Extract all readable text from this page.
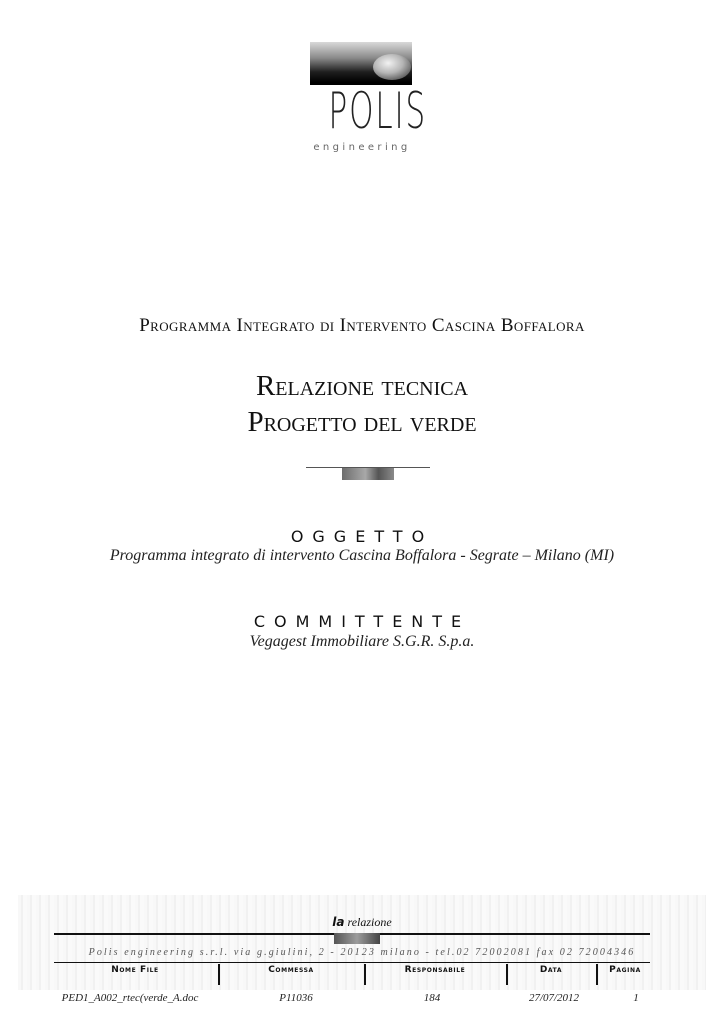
POLIS
engineering
Programma Integrato di Intervento Cascina Boffalora
Relazione tecnica
Progetto del verde
OGGETTO
Programma integrato di intervento Cascina Boffalora - Segrate – Milano (MI)
COMMITTENTE
Vegagest Immobiliare S.G.R. S.p.a.
la relazione
Polis engineering s.r.l. via g.giulini, 2 - 20123 milano - tel.02 72002081 fax 02 72004346
Nome File	Commessa	Responsabile	Data	Pagina
PED1_A002_rtec(verde_A.doc	P11036	184	27/07/2012	1
